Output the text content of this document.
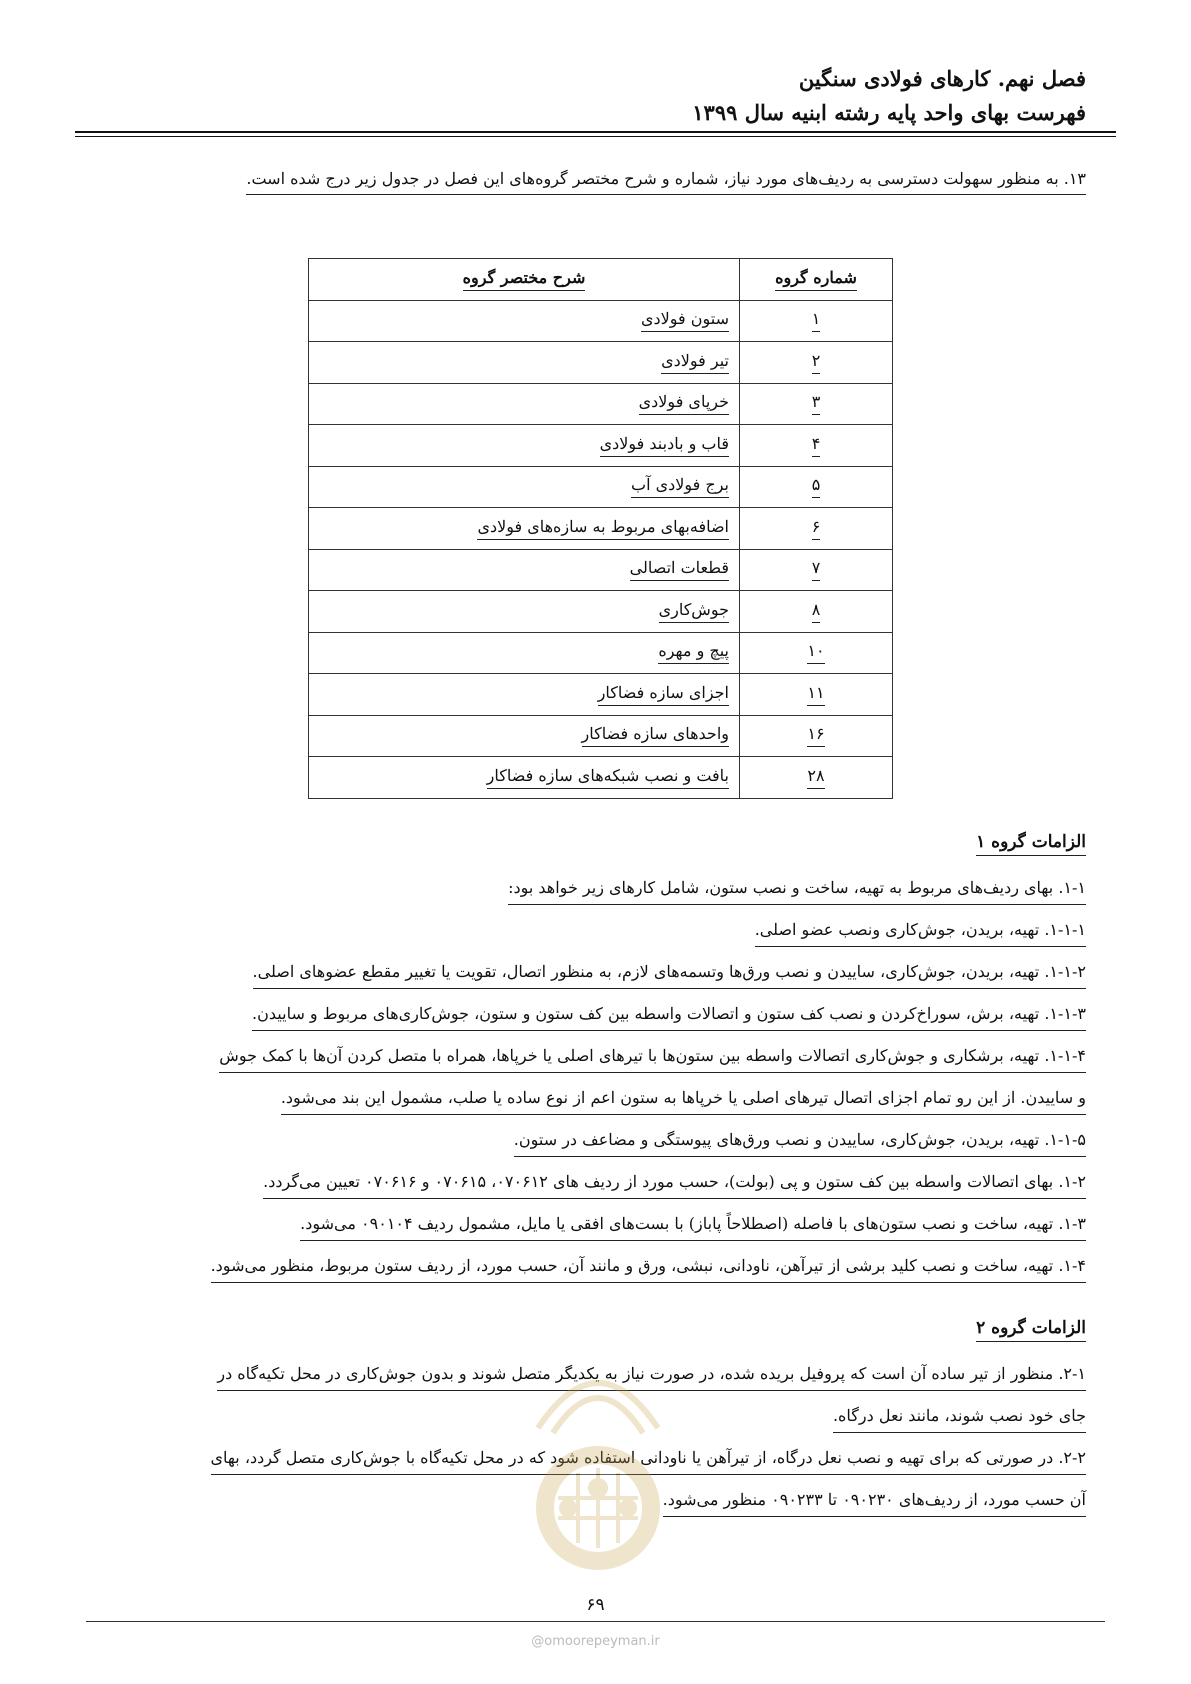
فصل نهم. کارهای فولادی سنگین
فهرست بهای واحد پایه رشته ابنیه سال ۱۳۹۹
۱۳. به منظور سهولت دسترسی به ردیف‌های مورد نیاز، شماره و شرح مختصر گروه‌های این فصل در جدول زیر درج شده است.
شماره گروه	شرح مختصر گروه
۱	ستون فولادی
۲	تیر فولادی
۳	خرپای فولادی
۴	قاب و بادبند فولادی
۵	برج فولادی آب
۶	اضافه‌بهای مربوط به سازه‌های فولادی
۷	قطعات اتصالی
۸	جوش‌کاری
۱۰	پیچ و مهره
۱۱	اجزای سازه فضاکار
۱۶	واحدهای سازه فضاکار
۲۸	بافت و نصب شبکه‌های سازه فضاکار
الزامات گروه ۱
۱-۱. بهای ردیف‌های مربوط به تهیه، ساخت و نصب ستون، شامل کارهای زیر خواهد بود:
۱-۱-۱. تهیه، بریدن، جوش‌کاری ونصب عضو اصلی.
۱-۱-۲. تهیه، بریدن، جوش‌کاری، ساییدن و نصب ورق‌ها وتسمه‌های لازم، به منظور اتصال، تقویت یا تغییر مقطع عضوهای اصلی.
۱-۱-۳. تهیه، برش، سوراخ‌کردن و نصب کف ستون و اتصالات واسطه بین کف ستون و ستون، جوش‌کاری‌های مربوط و ساییدن.
۱-۱-۴. تهیه، برشکاری و جوش‌کاری اتصالات واسطه بین ستون‌ها با تیرهای اصلی یا خرپاها، همراه با متصل کردن آن‌ها با کمک جوش
و ساییدن. از این رو تمام اجزای اتصال تیرهای اصلی یا خرپاها به ستون اعم از نوع ساده یا صلب، مشمول این بند می‌شود.
۱-۱-۵. تهیه، بریدن، جوش‌کاری، ساییدن و نصب ورق‌های پیوستگی و مضاعف در ستون.
۱-۲. بهای اتصالات واسطه بین کف ستون و پی (بولت)، حسب مورد از ردیف های ۰۷۰۶۱۲، ۰۷۰۶۱۵ و ۰۷۰۶۱۶ تعیین می‌گردد.
۱-۳. تهیه، ساخت و نصب ستون‌های با فاصله (اصطلاحاً پاباز) با بست‌های افقی یا مایل، مشمول ردیف ۰۹۰۱۰۴ می‌شود.
۱-۴. تهیه، ساخت و نصب کلید برشی از تیرآهن، ناودانی، نبشی، ورق و مانند آن، حسب مورد، از ردیف ستون مربوط، منظور می‌شود.
الزامات گروه ۲
۲-۱. منظور از تیر ساده آن است که پروفیل بریده شده، در صورت نیاز به یکدیگر متصل شوند و بدون جوش‌کاری در محل تکیه‌گاه در
جای خود نصب شوند، مانند نعل درگاه.
۲-۲. در صورتی که برای تهیه و نصب نعل درگاه، از تیرآهن یا ناودانی استفاده شود که در محل تکیه‌گاه با جوش‌کاری متصل گردد، بهای
آن حسب مورد، از ردیف‌های ۰۹۰۲۳۰ تا ۰۹۰۲۳۳ منظور می‌شود.
۶۹
@omoorepeyman.ir
